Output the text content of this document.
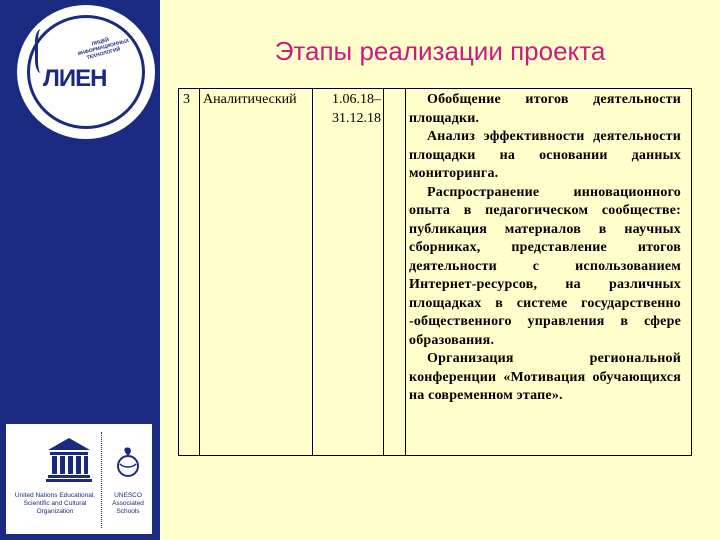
ЛИЦЕЙ ИНФОРМАЦИОННЫХ ТЕХНОЛОГИЙ
ЛИЕН
United Nations Educational, Scientific and Cultural Organization
UNESCO Associated Schools
Этапы реализации проекта
3 Аналитический	1.06.18– 31.12.18

Обобщение итогов деятельности площадки.

Анализ эффективности деятельности площадки на основании данных мониторинга.

Распространение инновационного опыта в педагогическом сообществе: публикация материалов в научных сборниках, представление итогов деятельности с использованием Интернет-ресурсов, на различных площадках в системе государственно -общественного управления в сфере образования.

Организация региональной конференции «Мотивация обучающихся на современном этапе».
